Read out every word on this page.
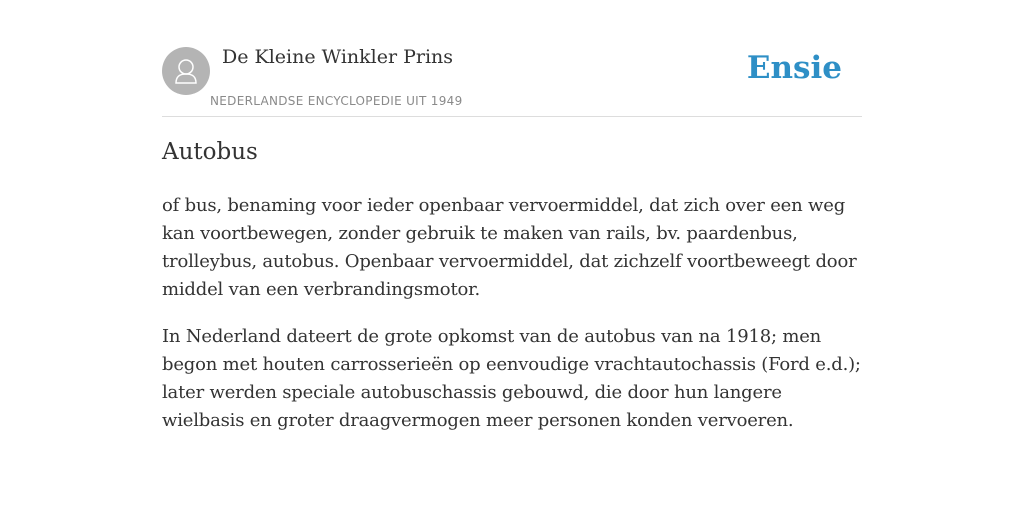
De Kleine Winkler Prins
NEDERLANDSE ENCYCLOPEDIE UIT 1949
Ensie
Autobus

of bus, benaming voor ieder openbaar vervoermiddel, dat zich over een weg kan voortbewegen, zonder gebruik te maken van rails, bv. paardenbus, trolleybus, autobus. Openbaar vervoermiddel, dat zichzelf voortbeweegt door middel van een verbrandingsmotor.

In Nederland dateert de grote opkomst van de autobus van na 1918; men begon met houten carrosserieën op eenvoudige vrachtautochassis (Ford e.d.); later werden speciale autobuschassis gebouwd, die door hun langere wielbasis en groter draagvermogen meer personen konden vervoeren.
